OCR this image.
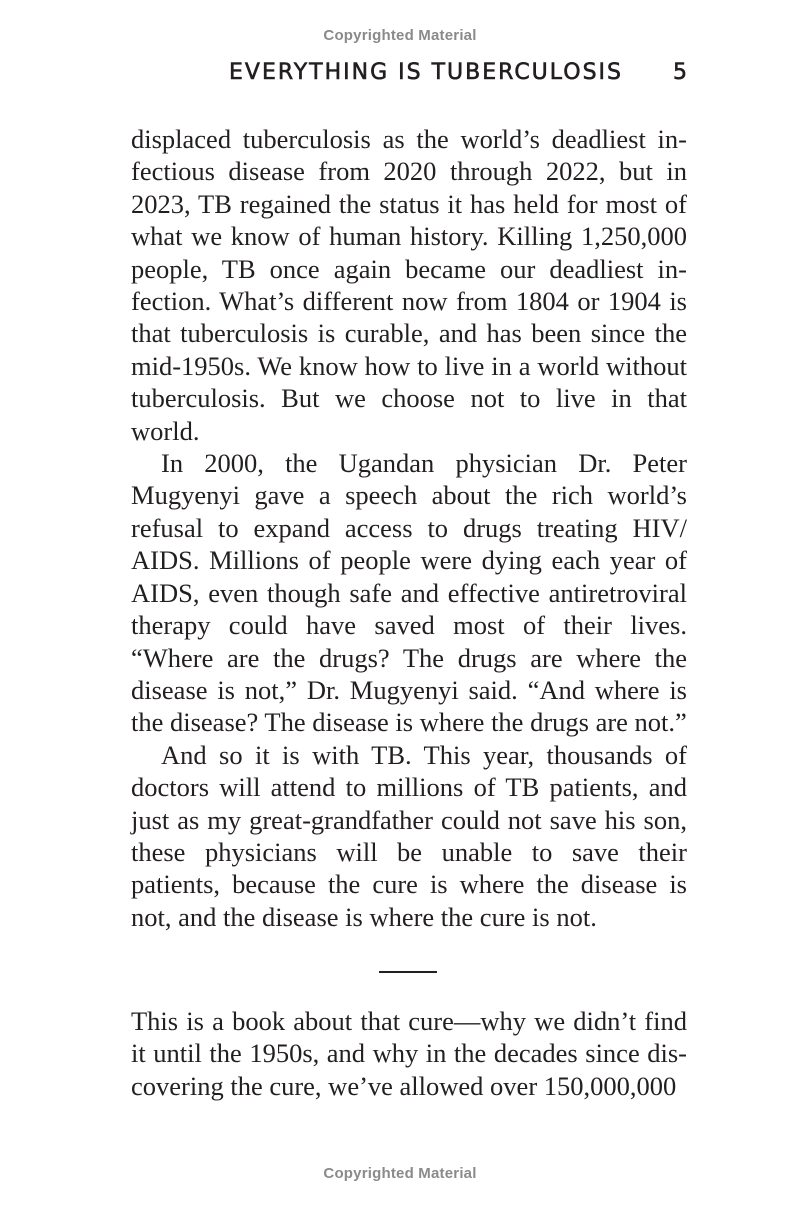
Copyrighted Material
EVERYTHING IS TUBERCULOSIS 5

displaced tuberculosis as the world’s deadliest infectious disease from 2020 through 2022, but in 2023, TB regained the status it has held for most of what we know of human history. Killing 1,250,000 people, TB once again became our deadliest infection. What’s different now from 1804 or 1904 is that tuberculosis is curable, and has been since the mid-1950s. We know how to live in a world without tuberculosis. But we choose not to live in that world.

In 2000, the Ugandan physician Dr. Peter Mugyenyi gave a speech about the rich world’s refusal to expand access to drugs treating HIV/​AIDS. Millions of people were dying each year of AIDS, even though safe and effective antiretroviral therapy could have saved most of their lives. “Where are the drugs? The drugs are where the disease is not,” Dr. Mugyenyi said. “And where is the disease? The disease is where the drugs are not.”

And so it is with TB. This year, thousands of doctors will attend to millions of TB patients, and just as my great-grandfather could not save his son, these physicians will be unable to save their patients, because the cure is where the disease is not, and the disease is where the cure is not.

This is a book about that cure—why we didn’t find it until the 1950s, and why in the decades since discovering the cure, we’ve allowed over 150,000,000

Copyrighted Material
